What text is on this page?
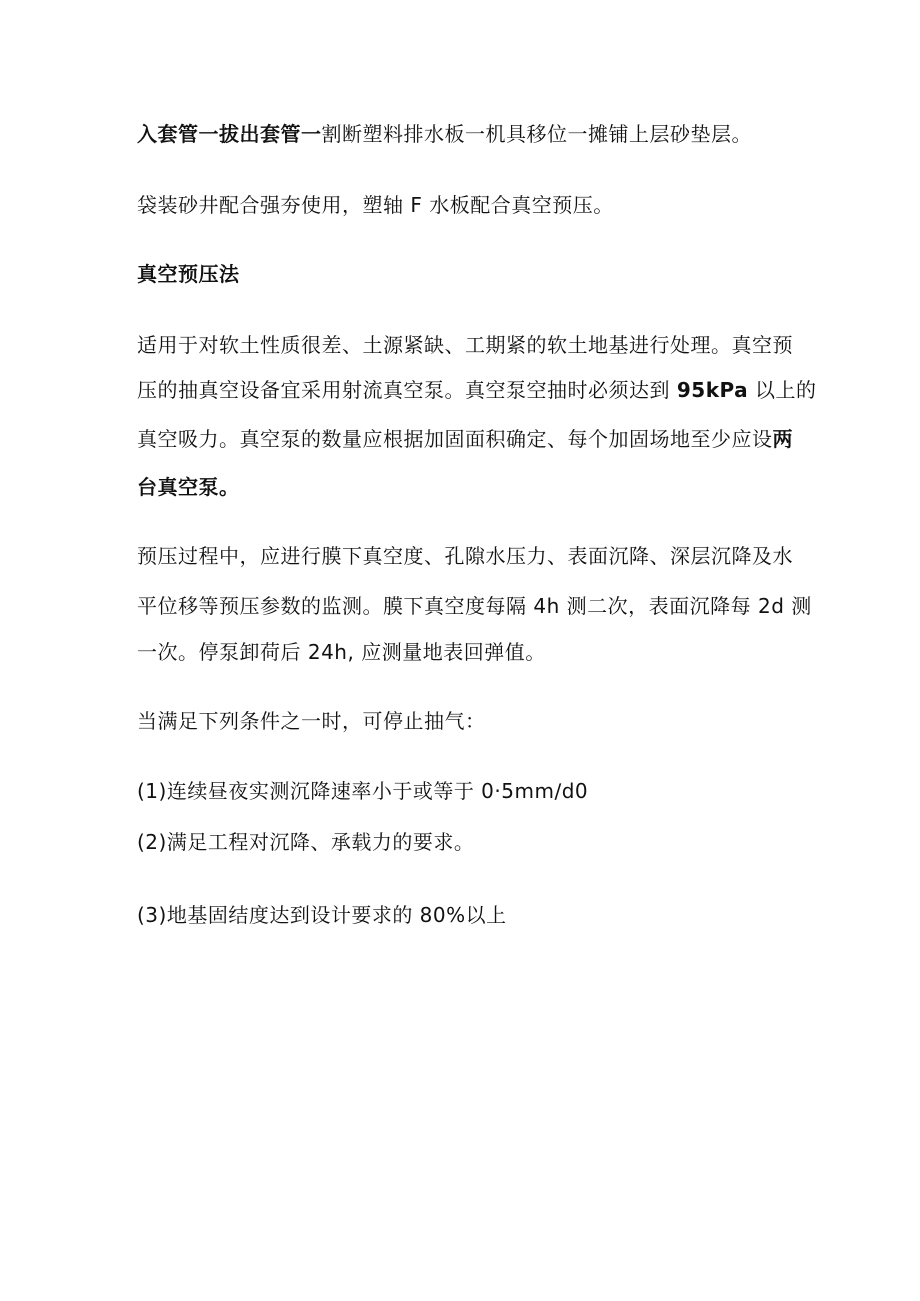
入套管一拔出套管一割断塑料排水板一机具移位一摊铺上层砂垫层。
袋装砂井配合强夯使用，塑轴 F 水板配合真空预压。
真空预压法
适用于对软土性质很差、土源紧缺、工期紧的软土地基进行处理。真空预
压的抽真空设备宜采用射流真空泵。真空泵空抽时必须达到 95kPa 以上的
真空吸力。真空泵的数量应根据加固面积确定、每个加固场地至少应设两
台真空泵。
预压过程中，应进行膜下真空度、孔隙水压力、表面沉降、深层沉降及水
平位移等预压参数的监测。膜下真空度每隔 4h 测二次，表面沉降每 2d 测
一次。停泵卸荷后 24h, 应测量地表回弹值。
当满足下列条件之一时，可停止抽气：
(1)连续昼夜实测沉降速率小于或等于 0·5mm∕d0
(2)满足工程对沉降、承载力的要求。
(3)地基固结度达到设计要求的 80%以上
